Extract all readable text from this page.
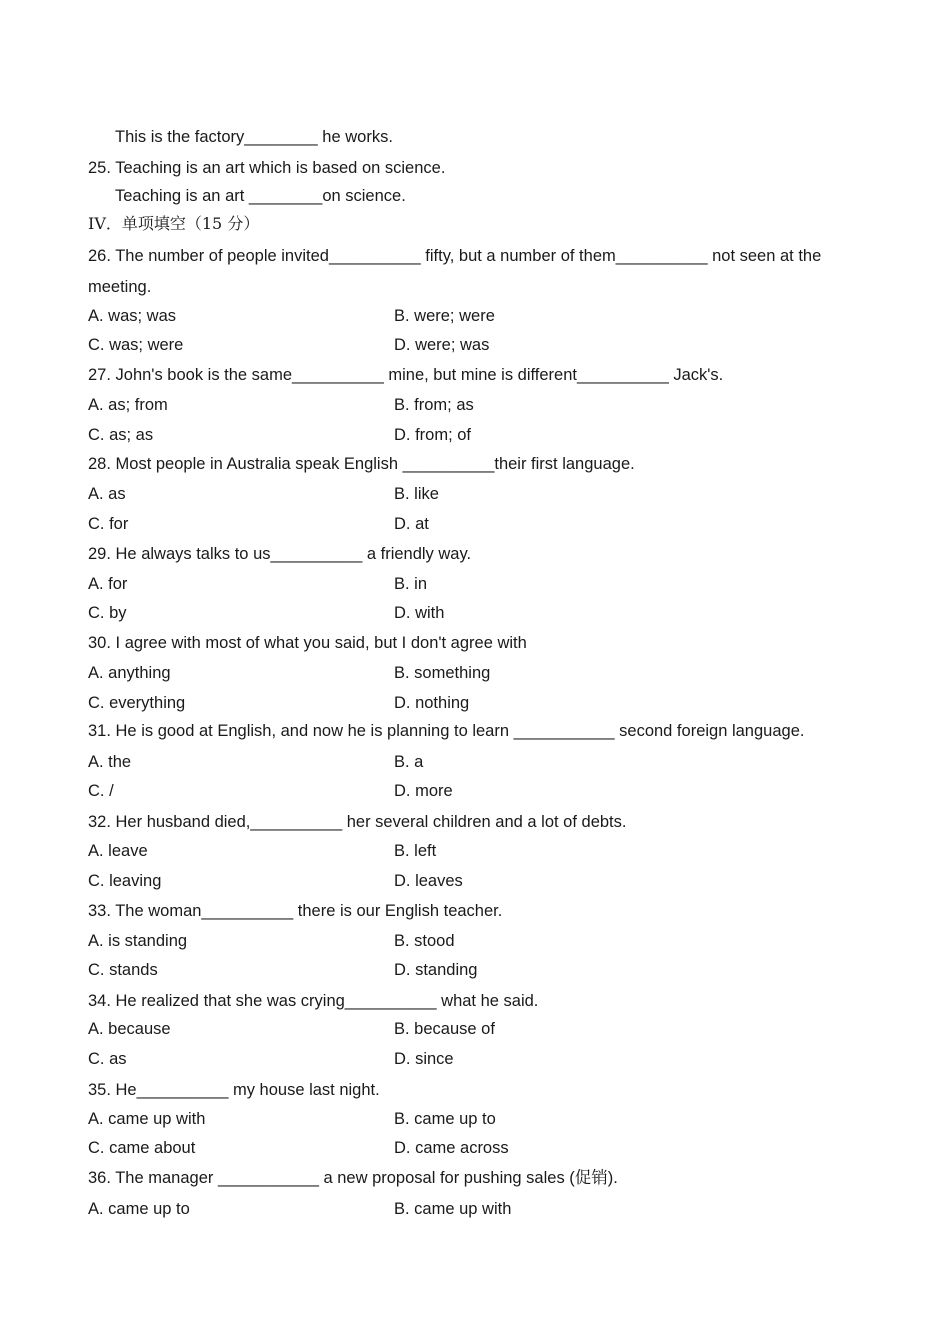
This is the factory________ he works.
25. Teaching is an art which is based on science.
Teaching is an art ________on science.
IV．单项填空（15 分）
26. The number of people invited__________ fifty, but a number of them__________ not seen at the meeting.
A. was; was	B. were; were
C. was; were	D. were; was
27. John's book is the same__________ mine, but mine is different__________ Jack's.
A. as; from	B. from; as
C. as; as	D. from; of
28. Most people in Australia speak English __________their first language.
A. as	B. like
C. for	D. at
29. He always talks to us__________ a friendly way.
A. for	B. in
C. by	D. with
30. I agree with most of what you said, but I don't agree with
A. anything	B. something
C. everything	D. nothing
31. He is good at English, and now he is planning to learn ___________ second foreign language.
A. the	B. a
C. /	D. more
32. Her husband died,__________ her several children and a lot of debts.
A. leave	B. left
C. leaving	D. leaves
33. The woman__________ there is our English teacher.
A. is standing	B. stood
C. stands	D. standing
34. He realized that she was crying__________ what he said.
A. because	B. because of
C. as	D. since
35. He__________ my house last night.
A. came up with	B. came up to
C. came about	D. came across
36. The manager ___________ a new proposal for pushing sales (促销).
A. came up to	B. came up with
